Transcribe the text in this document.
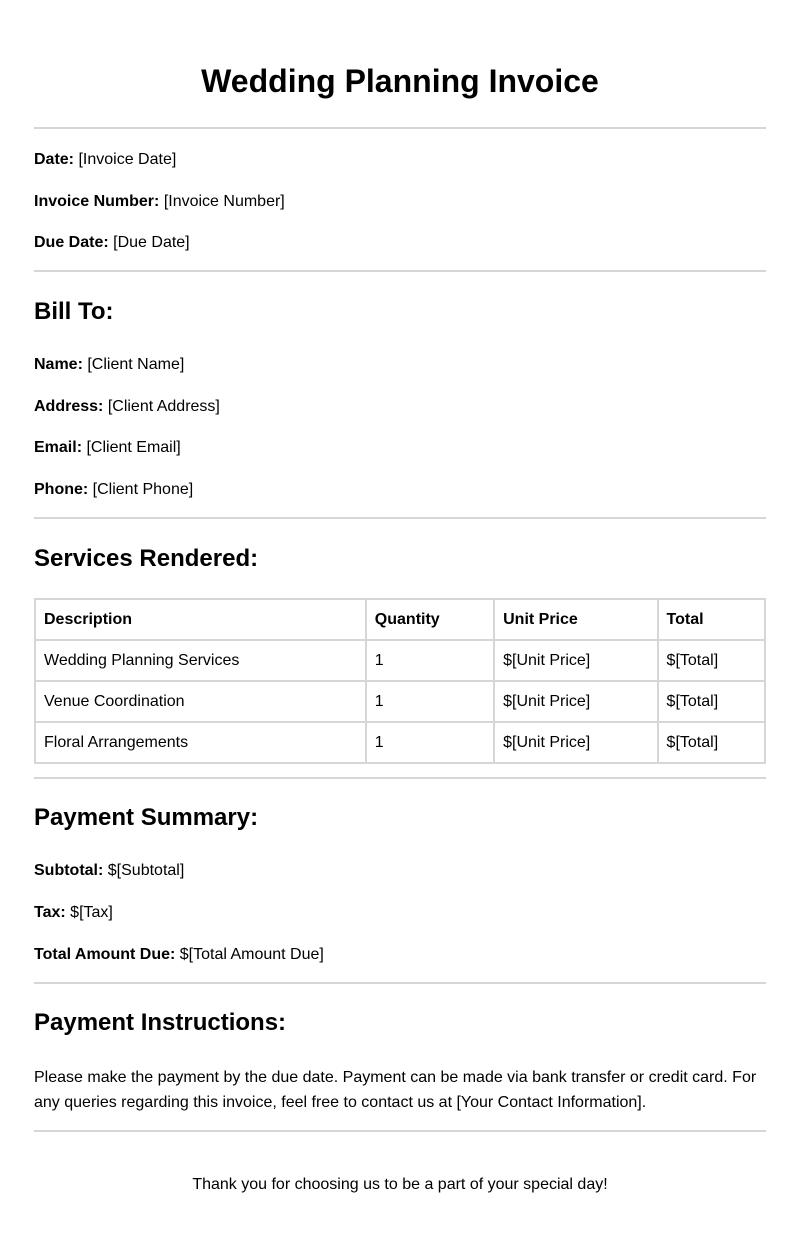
Wedding Planning Invoice
Date: [Invoice Date]
Invoice Number: [Invoice Number]
Due Date: [Due Date]
Bill To:
Name: [Client Name]
Address: [Client Address]
Email: [Client Email]
Phone: [Client Phone]
Services Rendered:
Description	Quantity	Unit Price	Total
Wedding Planning Services	1	$[Unit Price]	$[Total]
Venue Coordination	1	$[Unit Price]	$[Total]
Floral Arrangements	1	$[Unit Price]	$[Total]
Payment Summary:
Subtotal: $[Subtotal]
Tax: $[Tax]
Total Amount Due: $[Total Amount Due]
Payment Instructions:
Please make the payment by the due date. Payment can be made via bank transfer or credit card. For any queries regarding this invoice, feel free to contact us at [Your Contact Information].
Thank you for choosing us to be a part of your special day!
